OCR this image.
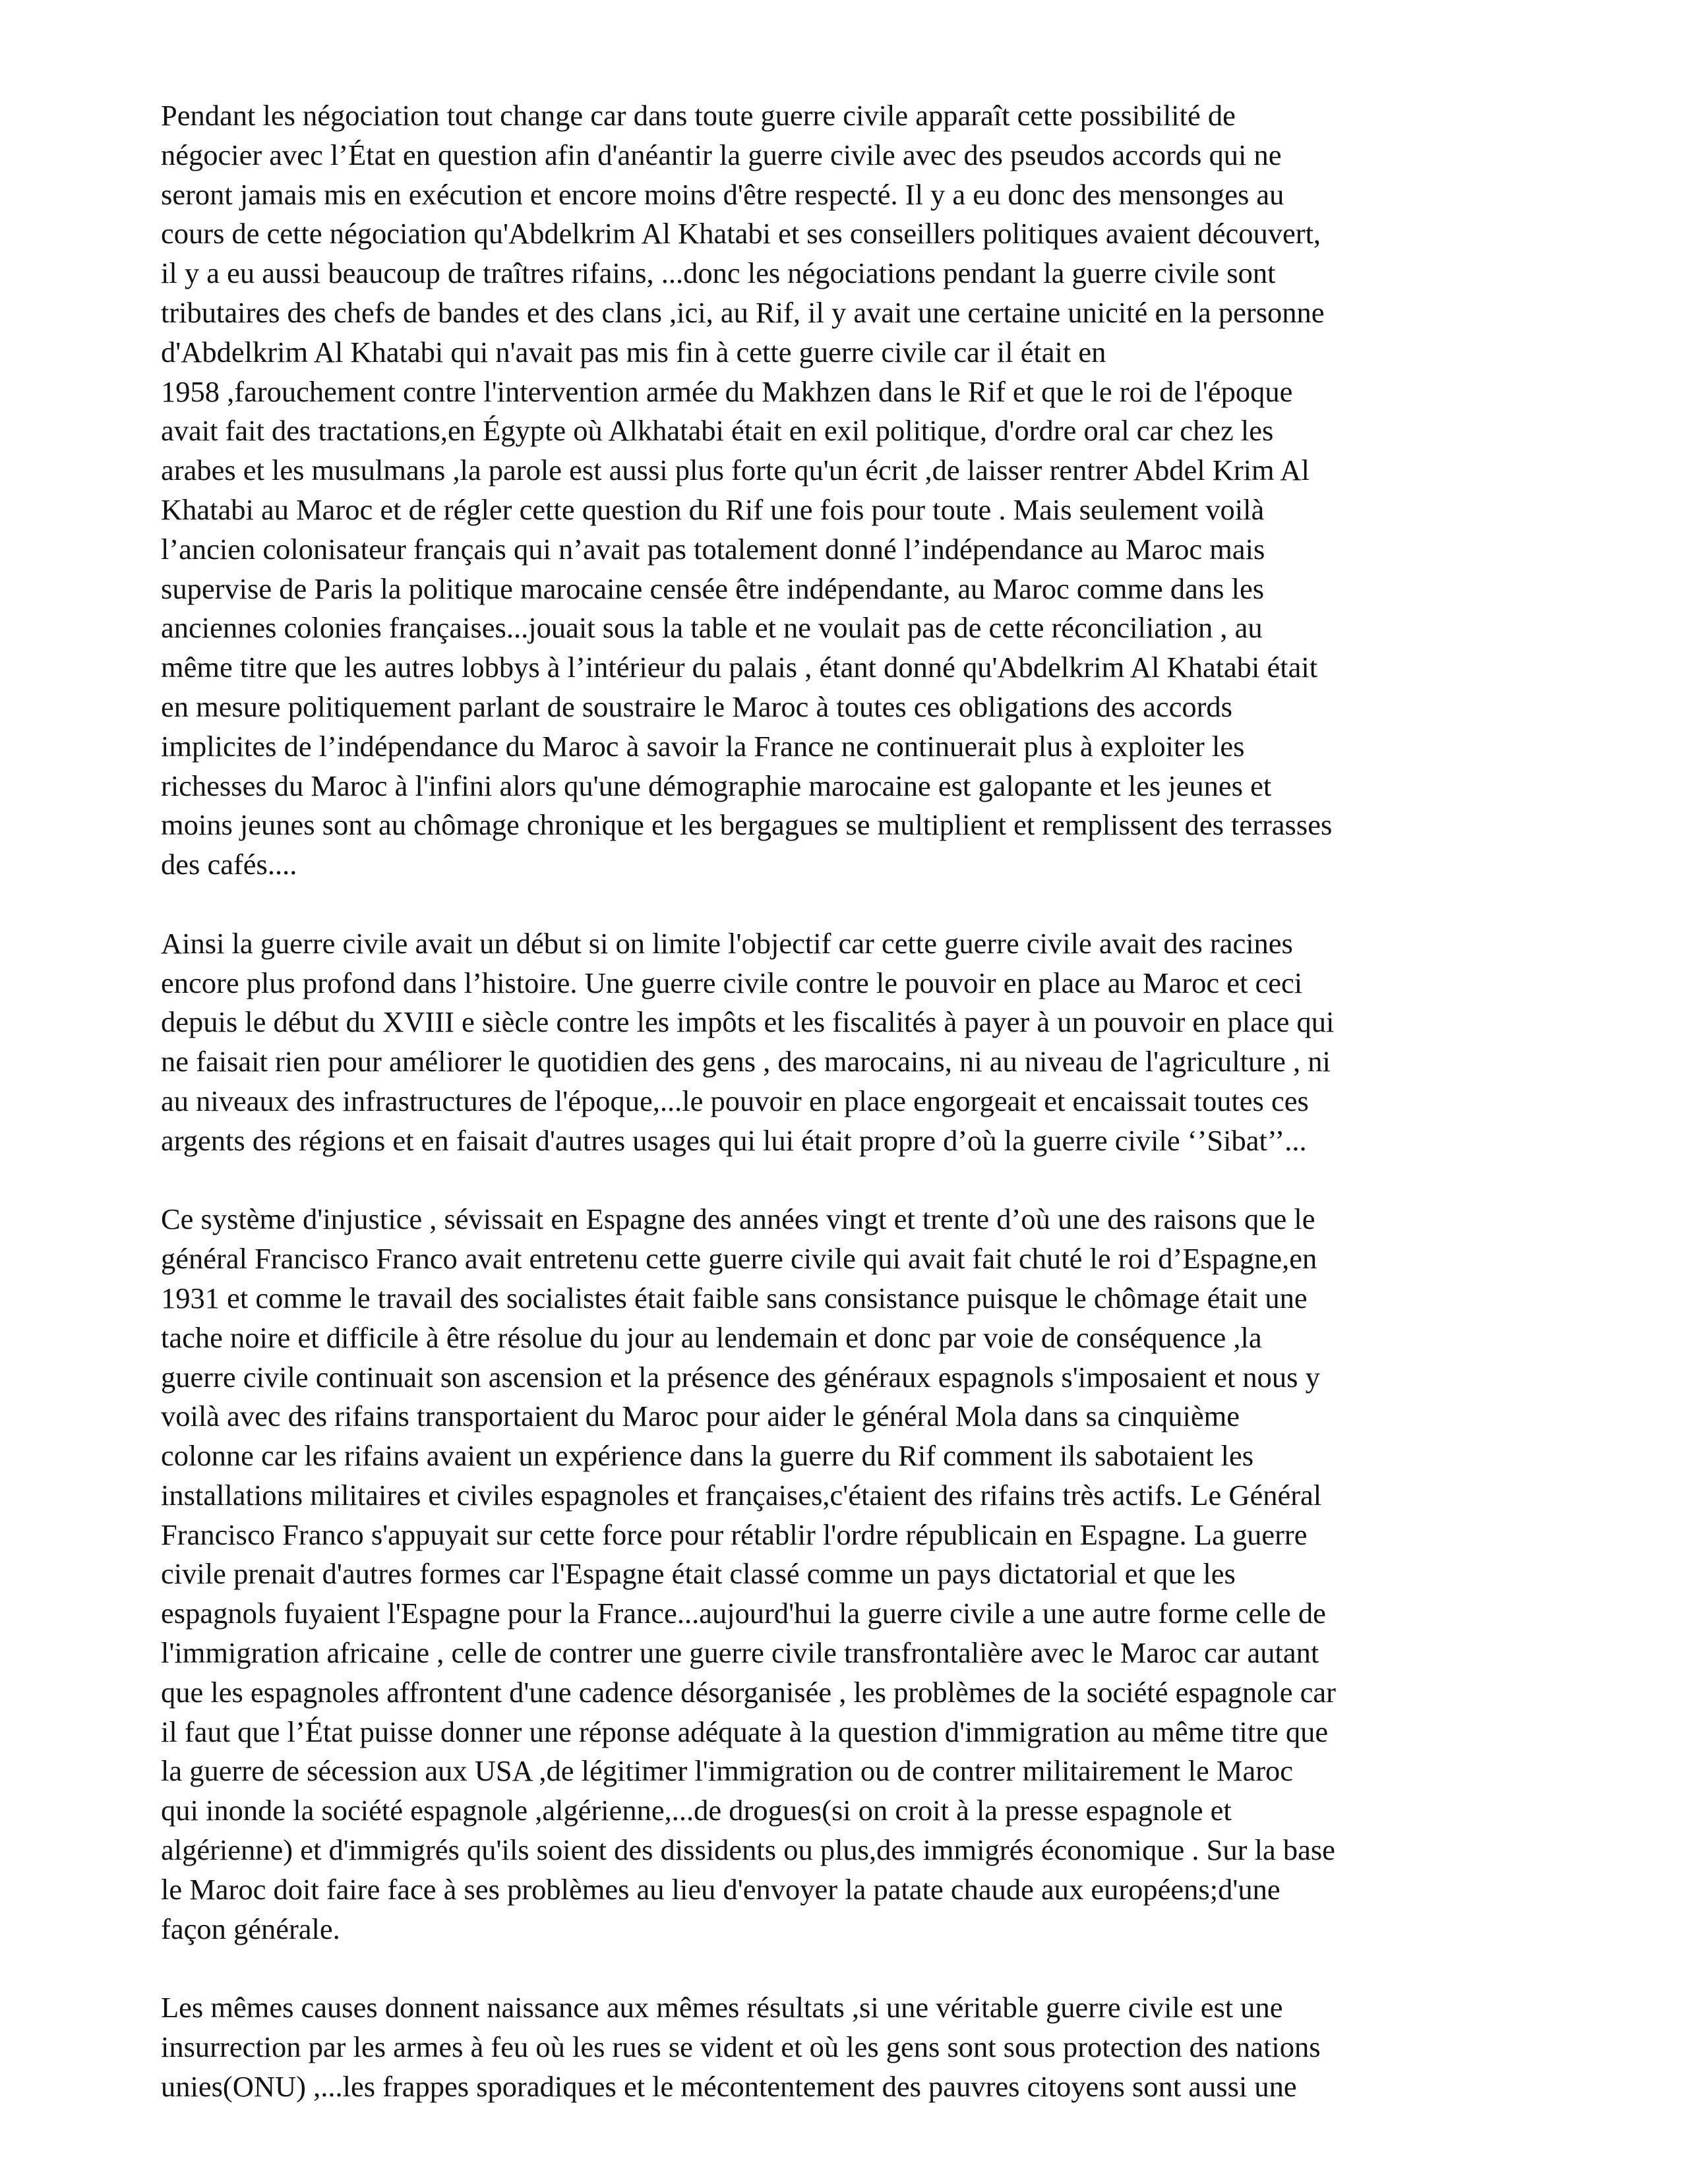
Pendant les négociation tout change car dans toute guerre civile apparaît cette possibilité de
négocier avec l’État en question afin d'anéantir la guerre civile avec des pseudos accords qui ne
seront jamais mis en exécution et encore moins d'être respecté. Il y a eu donc des mensonges au
cours de cette négociation qu'Abdelkrim Al Khatabi et ses conseillers politiques avaient découvert,
il y a eu aussi beaucoup de traîtres rifains, ...donc les négociations pendant la guerre civile sont
tributaires des chefs de bandes et des clans ,ici, au Rif, il y avait une certaine unicité en la personne
d'Abdelkrim Al Khatabi qui n'avait pas mis fin à cette guerre civile car il était en
1958 ,farouchement contre l'intervention armée du Makhzen dans le Rif et que le roi de l'époque
avait fait des tractations,en Égypte où Alkhatabi était en exil politique, d'ordre oral car chez les
arabes et les musulmans ,la parole est aussi plus forte qu'un écrit ,de laisser rentrer Abdel Krim Al
Khatabi au Maroc et de régler cette question du Rif une fois pour toute . Mais seulement voilà
l’ancien colonisateur français qui n’avait pas totalement donné l’indépendance au Maroc mais
supervise de Paris la politique marocaine censée être indépendante, au Maroc comme dans les
anciennes colonies françaises...jouait sous la table et ne voulait pas de cette réconciliation , au
même titre que les autres lobbys à l’intérieur du palais , étant donné qu'Abdelkrim Al Khatabi était
en mesure politiquement parlant de soustraire le Maroc à toutes ces obligations des accords
implicites de l’indépendance du Maroc à savoir la France ne continuerait plus à exploiter les
richesses du Maroc à l'infini alors qu'une démographie marocaine est galopante et les jeunes et
moins jeunes sont au chômage chronique et les bergagues se multiplient et remplissent des terrasses
des cafés....

Ainsi la guerre civile avait un début si on limite l'objectif car cette guerre civile avait des racines
encore plus profond dans l’histoire. Une guerre civile contre le pouvoir en place au Maroc et ceci
depuis le début du XVIII e siècle contre les impôts et les fiscalités à payer à un pouvoir en place qui
ne faisait rien pour améliorer le quotidien des gens , des marocains, ni au niveau de l'agriculture , ni
au niveaux des infrastructures de l'époque,...le pouvoir en place engorgeait et encaissait toutes ces
argents des régions et en faisait d'autres usages qui lui était propre d’où la guerre civile ‘’Sibat’’...

Ce système d'injustice , sévissait en Espagne des années vingt et trente d’où une des raisons que le
général Francisco Franco avait entretenu cette guerre civile qui avait fait chuté le roi d’Espagne,en
1931 et comme le travail des socialistes était faible sans consistance puisque le chômage était une
tache noire et difficile à être résolue du jour au lendemain et donc par voie de conséquence ,la
guerre civile continuait son ascension et la présence des généraux espagnols s'imposaient et nous y
voilà avec des rifains transportaient du Maroc pour aider le général Mola dans sa cinquième
colonne car les rifains avaient un expérience dans la guerre du Rif comment ils sabotaient les
installations militaires et civiles espagnoles et françaises,c'étaient des rifains très actifs. Le Général
Francisco Franco s'appuyait sur cette force pour rétablir l'ordre républicain en Espagne. La guerre
civile prenait d'autres formes car l'Espagne était classé comme un pays dictatorial et que les
espagnols fuyaient l'Espagne pour la France...aujourd'hui la guerre civile a une autre forme celle de
l'immigration africaine , celle de contrer une guerre civile transfrontalière avec le Maroc car autant
que les espagnoles affrontent d'une cadence désorganisée , les problèmes de la société espagnole car
il faut que l’État puisse donner une réponse adéquate à la question d'immigration au même titre que
la guerre de sécession aux USA ,de légitimer l'immigration ou de contrer militairement le Maroc
qui inonde la société espagnole ,algérienne,...de drogues(si on croit à la presse espagnole et
algérienne) et d'immigrés qu'ils soient des dissidents ou plus,des immigrés économique . Sur la base
le Maroc doit faire face à ses problèmes au lieu d'envoyer la patate chaude aux européens;d'une
façon générale.

Les mêmes causes donnent naissance aux mêmes résultats ,si une véritable guerre civile est une
insurrection par les armes à feu où les rues se vident et où les gens sont sous protection des nations
unies(ONU) ,...les frappes sporadiques et le mécontentement des pauvres citoyens sont aussi une
